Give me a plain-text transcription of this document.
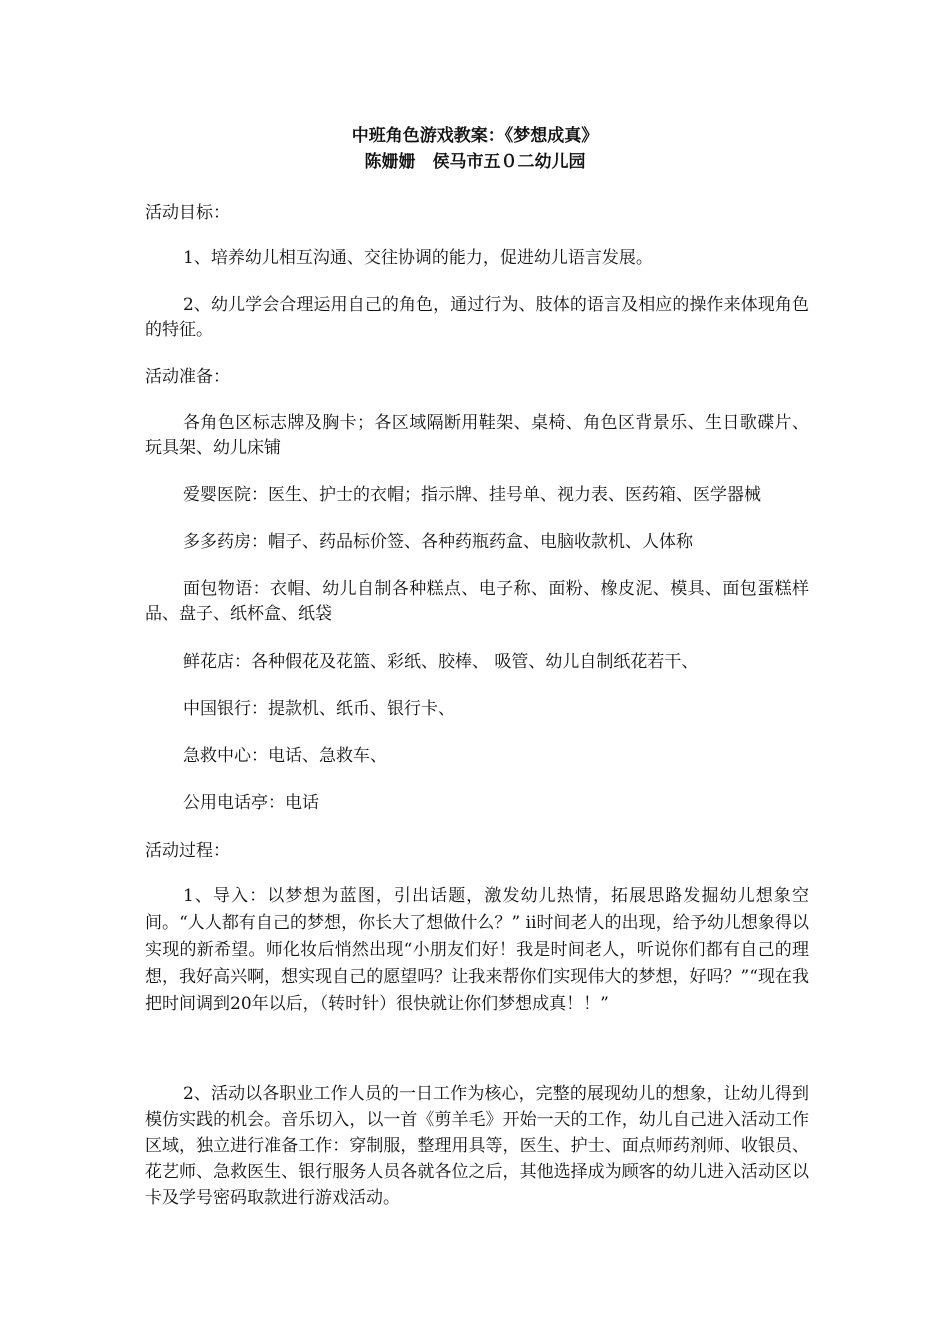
中班角色游戏教案：《梦想成真》
陈姗姗　侯马市五０二幼儿园
活动目标：
1、培养幼儿相互沟通、交往协调的能力，促进幼儿语言发展。
2、幼儿学会合理运用自己的角色，通过行为、肢体的语言及相应的操作来体现角色的特征。
活动准备：
各角色区标志牌及胸卡；各区域隔断用鞋架、桌椅、角色区背景乐、生日歌碟片、玩具架、幼儿床铺
爱婴医院：医生、护士的衣帽；指示牌、挂号单、视力表、医药箱、医学器械
多多药房：帽子、药品标价签、各种药瓶药盒、电脑收款机、人体称
面包物语：衣帽、幼儿自制各种糕点、电子称、面粉、橡皮泥、模具、面包蛋糕样品、盘子、纸杯盒、纸袋
鲜花店：各种假花及花篮、彩纸、胶棒、 吸管、幼儿自制纸花若干、
中国银行：提款机、纸币、银行卡、
急救中心：电话、急救车、
公用电话亭：电话
活动过程：
1、导入：以梦想为蓝图，引出话题，激发幼儿热情，拓展思路发掘幼儿想象空间。“人人都有自己的梦想，你长大了想做什么？” ⅱ时间老人的出现，给予幼儿想象得以实现的新希望。师化妆后悄然出现“小朋友们好！我是时间老人，听说你们都有自己的理想，我好高兴啊，想实现自己的愿望吗？让我来帮你们实现伟大的梦想，好吗？”“现在我把时间调到20年以后，（转时针）很快就让你们梦想成真！！”
2、活动以各职业工作人员的一日工作为核心，完整的展现幼儿的想象，让幼儿得到模仿实践的机会。音乐切入，以一首《剪羊毛》开始一天的工作，幼儿自己进入活动工作区域，独立进行准备工作：穿制服，整理用具等，医生、护士、面点师药剂师、收银员、花艺师、急救医生、银行服务人员各就各位之后，其他选择成为顾客的幼儿进入活动区以卡及学号密码取款进行游戏活动。
